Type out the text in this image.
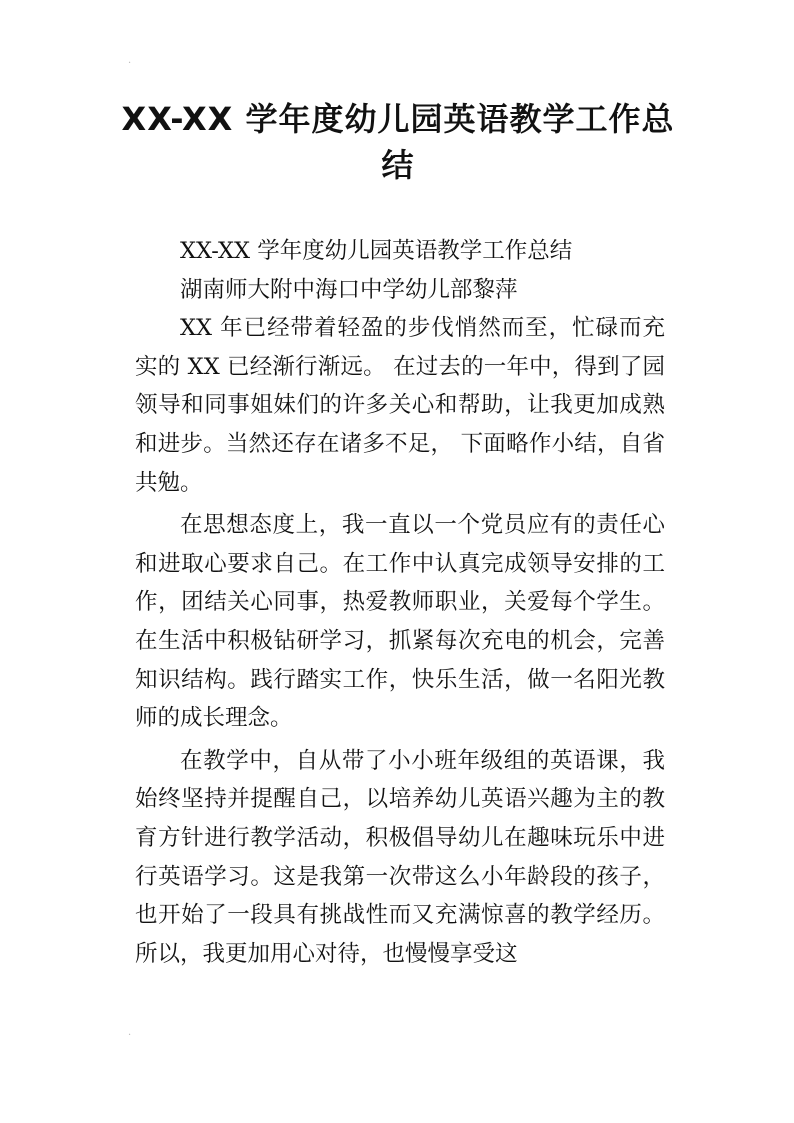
·
·
XX-XX 学年度幼儿园英语教学工作总结

XX-XX 学年度幼儿园英语教学工作总结

湖南师大附中海口中学幼儿部黎萍

XX 年已经带着轻盈的步伐悄然而至，忙碌而充实的 XX 已经渐行渐远。 在过去的一年中，得到了园领导和同事姐妹们的许多关心和帮助，让我更加成熟和进步。当然还存在诸多不足， 下面略作小结，自省共勉。

在思想态度上，我一直以一个党员应有的责任心和进取心要求自己。在工作中认真完成领导安排的工作，团结关心同事，热爱教师职业，关爱每个学生。在生活中积极钻研学习，抓紧每次充电的机会，完善知识结构。践行踏实工作，快乐生活，做一名阳光教师的成长理念。

在教学中，自从带了小小班年级组的英语课，我始终坚持并提醒自己，以培养幼儿英语兴趣为主的教育方针进行教学活动，积极倡导幼儿在趣味玩乐中进行英语学习。这是我第一次带这么小年龄段的孩子，也开始了一段具有挑战性而又充满惊喜的教学经历。所以，我更加用心对待，也慢慢享受这
